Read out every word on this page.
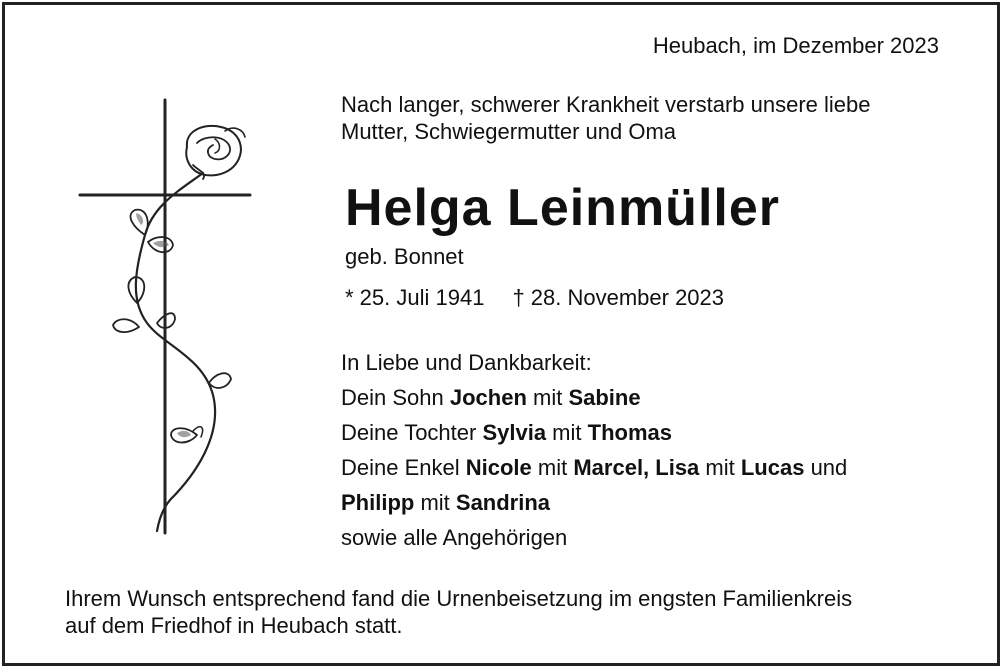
Heubach, im Dezember 2023
Nach langer, schwerer Krankheit verstarb unsere liebe
Mutter, Schwiegermutter und Oma
Helga Leinmüller
geb. Bonnet
* 25. Juli 1941 † 28. November 2023
In Liebe und Dankbarkeit:
Dein Sohn Jochen mit Sabine
Deine Tochter Sylvia mit Thomas
Deine Enkel Nicole mit Marcel, Lisa mit Lucas und
Philipp mit Sandrina
sowie alle Angehörigen
Ihrem Wunsch entsprechend fand die Urnenbeisetzung im engsten Familienkreis
auf dem Friedhof in Heubach statt.
